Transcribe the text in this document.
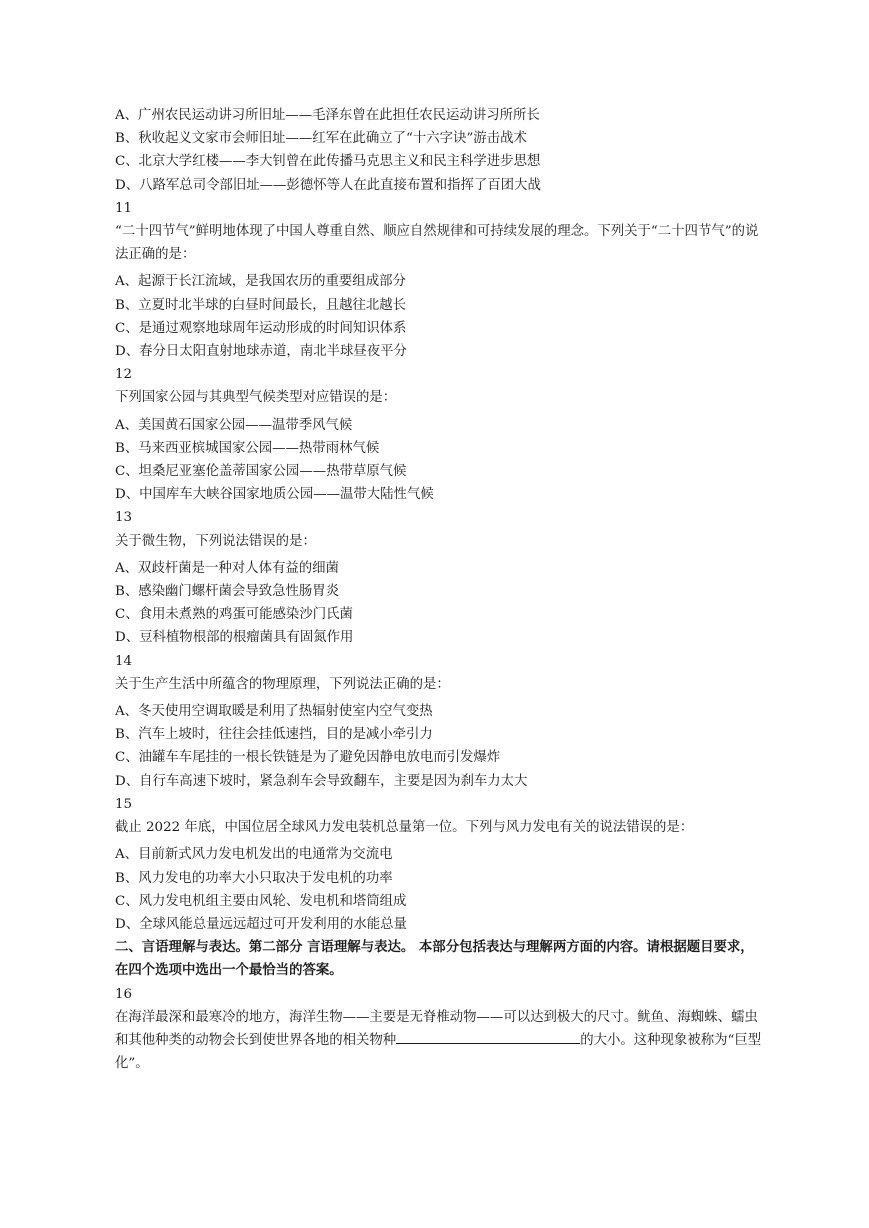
A、广州农民运动讲习所旧址——毛泽东曾在此担任农民运动讲习所所长
B、秋收起义文家市会师旧址——红军在此确立了“十六字诀”游击战术
C、北京大学红楼——李大钊曾在此传播马克思主义和民主科学进步思想
D、八路军总司令部旧址——彭德怀等人在此直接布置和指挥了百团大战
11
“二十四节气”鲜明地体现了中国人尊重自然、顺应自然规律和可持续发展的理念。下列关于“二十四节气”的说法正确的是：
A、起源于长江流域，是我国农历的重要组成部分
B、立夏时北半球的白昼时间最长，且越往北越长
C、是通过观察地球周年运动形成的时间知识体系
D、春分日太阳直射地球赤道，南北半球昼夜平分
12
下列国家公园与其典型气候类型对应错误的是：
A、美国黄石国家公园——温带季风气候
B、马来西亚槟城国家公园——热带雨林气候
C、坦桑尼亚塞伦盖蒂国家公园——热带草原气候
D、中国库车大峡谷国家地质公园——温带大陆性气候
13
关于微生物，下列说法错误的是：
A、双歧杆菌是一种对人体有益的细菌
B、感染幽门螺杆菌会导致急性肠胃炎
C、食用未煮熟的鸡蛋可能感染沙门氏菌
D、豆科植物根部的根瘤菌具有固氮作用
14
关于生产生活中所蕴含的物理原理，下列说法正确的是：
A、冬天使用空调取暖是利用了热辐射使室内空气变热
B、汽车上坡时，往往会挂低速挡，目的是减小牵引力
C、油罐车车尾挂的一根长铁链是为了避免因静电放电而引发爆炸
D、自行车高速下坡时，紧急刹车会导致翻车，主要是因为刹车力太大
15
截止 2022 年底，中国位居全球风力发电装机总量第一位。下列与风力发电有关的说法错误的是：
A、目前新式风力发电机发出的电通常为交流电
B、风力发电的功率大小只取决于发电机的功率
C、风力发电机组主要由风轮、发电机和塔筒组成
D、全球风能总量远远超过可开发利用的水能总量
二、言语理解与表达。第二部分 言语理解与表达。 本部分包括表达与理解两方面的内容。请根据题目要求，在四个选项中选出一个最恰当的答案。
16
在海洋最深和最寒冷的地方，海洋生物——主要是无脊椎动物——可以达到极大的尺寸。鱿鱼、海蜘蛛、蠕虫和其他种类的动物会长到使世界各地的相关物种	的大小。这种现象被称为“巨型化”。
